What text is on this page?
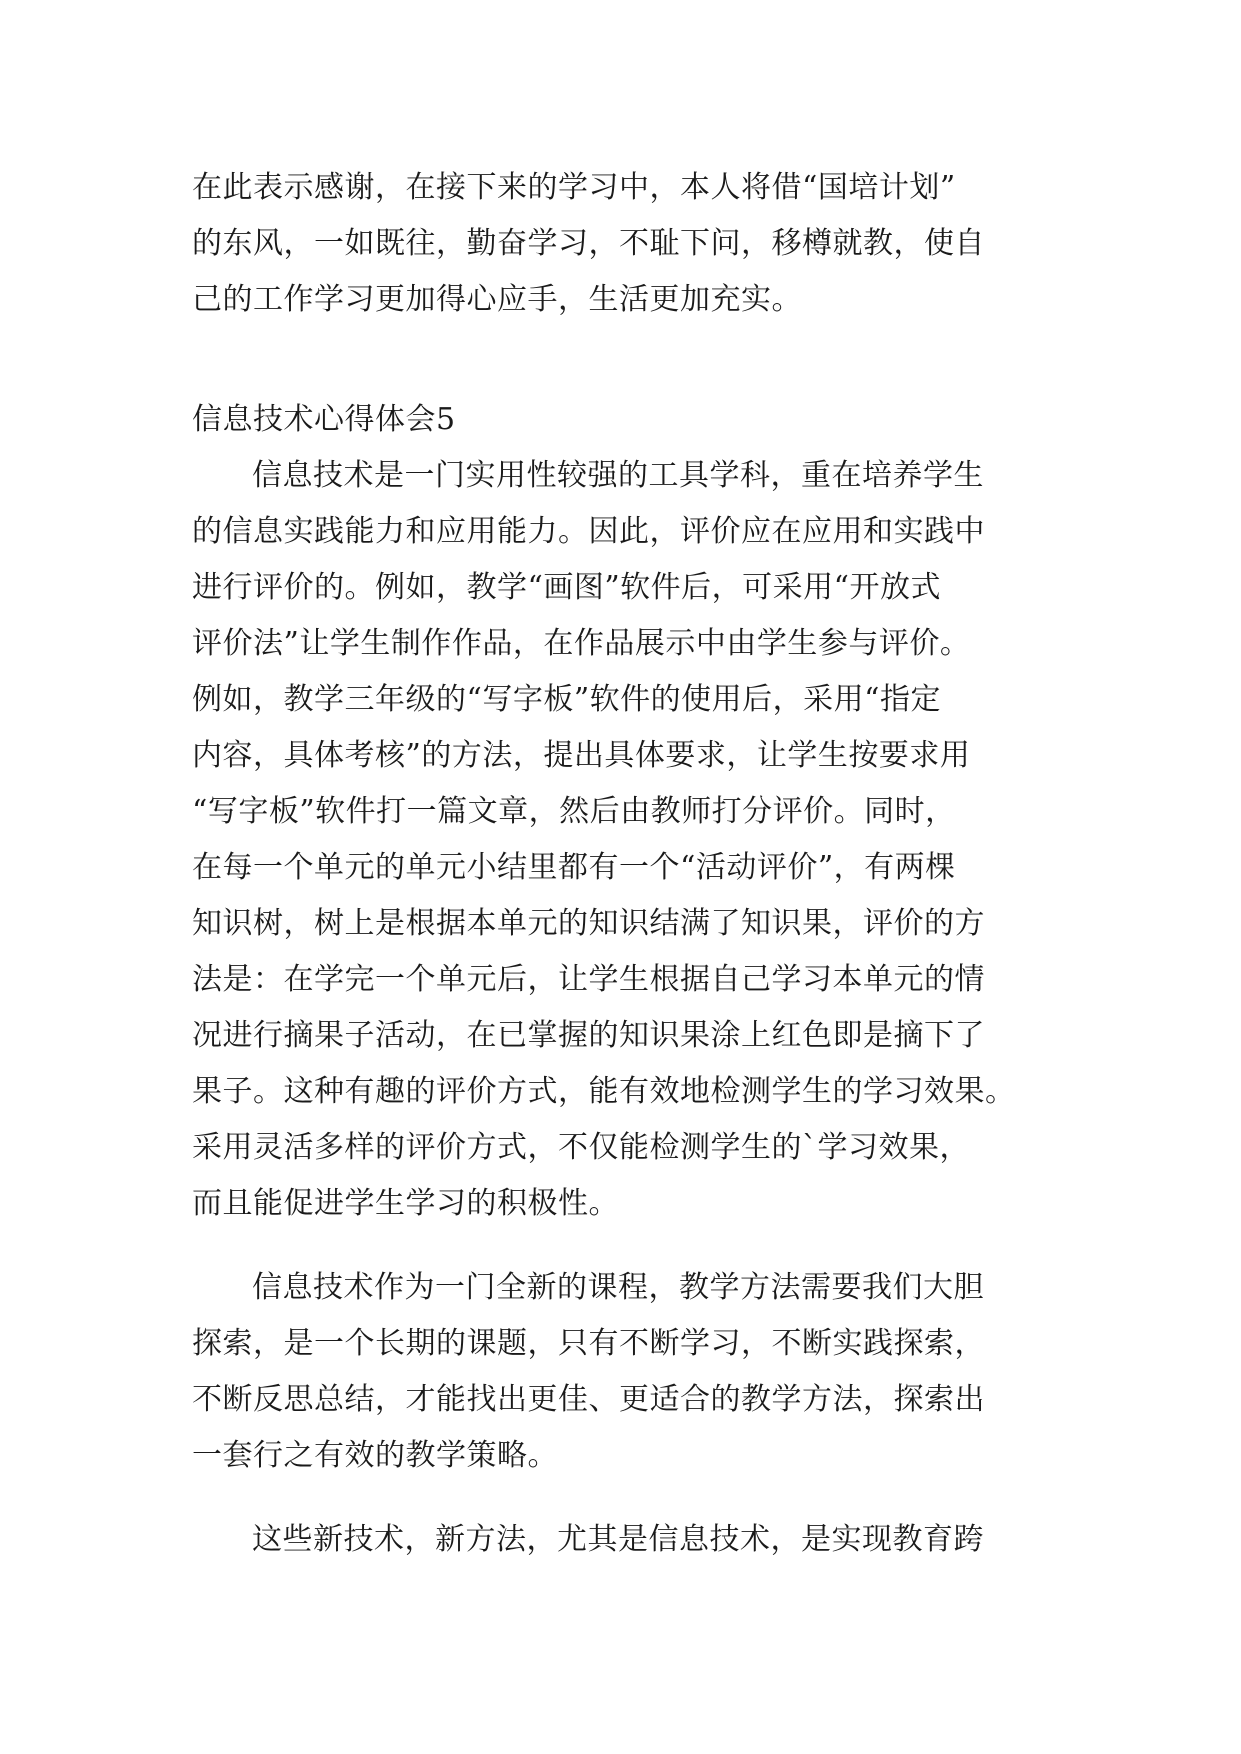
在此表示感谢，在接下来的学习中，本人将借“国培计划”
的东风，一如既往，勤奋学习，不耻下问，移樽就教，使自
己的工作学习更加得心应手，生活更加充实。
信息技术心得体会5
信息技术是一门实用性较强的工具学科，重在培养学生
的信息实践能力和应用能力。因此，评价应在应用和实践中
进行评价的。例如，教学“画图”软件后，可采用“开放式
评价法”让学生制作作品，在作品展示中由学生参与评价。
例如，教学三年级的“写字板”软件的使用后，采用“指定
内容，具体考核”的方法，提出具体要求，让学生按要求用
“写字板”软件打一篇文章，然后由教师打分评价。同时，
在每一个单元的单元小结里都有一个“活动评价”，有两棵
知识树，树上是根据本单元的知识结满了知识果，评价的方
法是：在学完一个单元后，让学生根据自己学习本单元的情
况进行摘果子活动，在已掌握的知识果涂上红色即是摘下了
果子。这种有趣的评价方式，能有效地检测学生的学习效果。
采用灵活多样的评价方式，不仅能检测学生的`学习效果，
而且能促进学生学习的积极性。
信息技术作为一门全新的课程，教学方法需要我们大胆
探索，是一个长期的课题，只有不断学习，不断实践探索，
不断反思总结，才能找出更佳、更适合的教学方法，探索出
一套行之有效的教学策略。
这些新技术，新方法，尤其是信息技术，是实现教育跨
